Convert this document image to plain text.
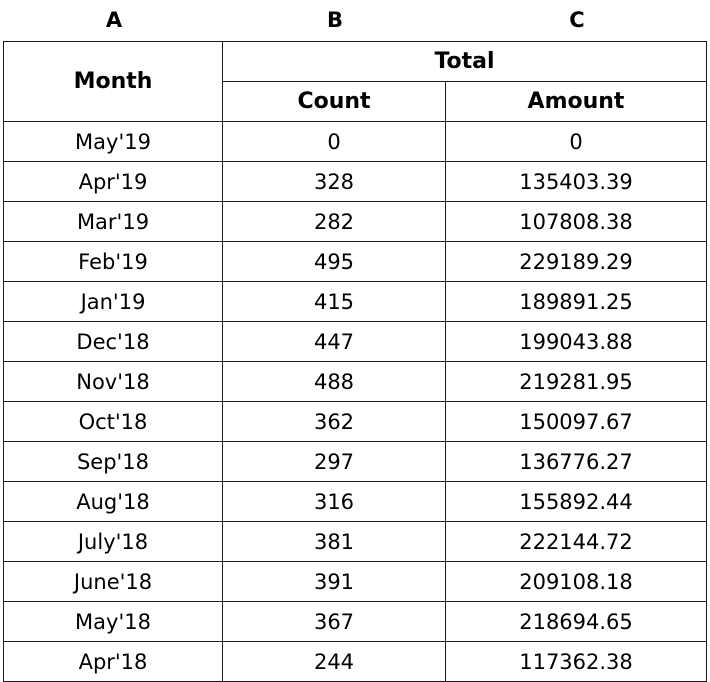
A	B	C
Month	Total	
	Count	Amount
May'19	0	0
Apr'19	328	135403.39
Mar'19	282	107808.38
Feb'19	495	229189.29
Jan'19	415	189891.25
Dec'18	447	199043.88
Nov'18	488	219281.95
Oct'18	362	150097.67
Sep'18	297	136776.27
Aug'18	316	155892.44
July'18	381	222144.72
June'18	391	209108.18
May'18	367	218694.65
Apr'18	244	117362.38
